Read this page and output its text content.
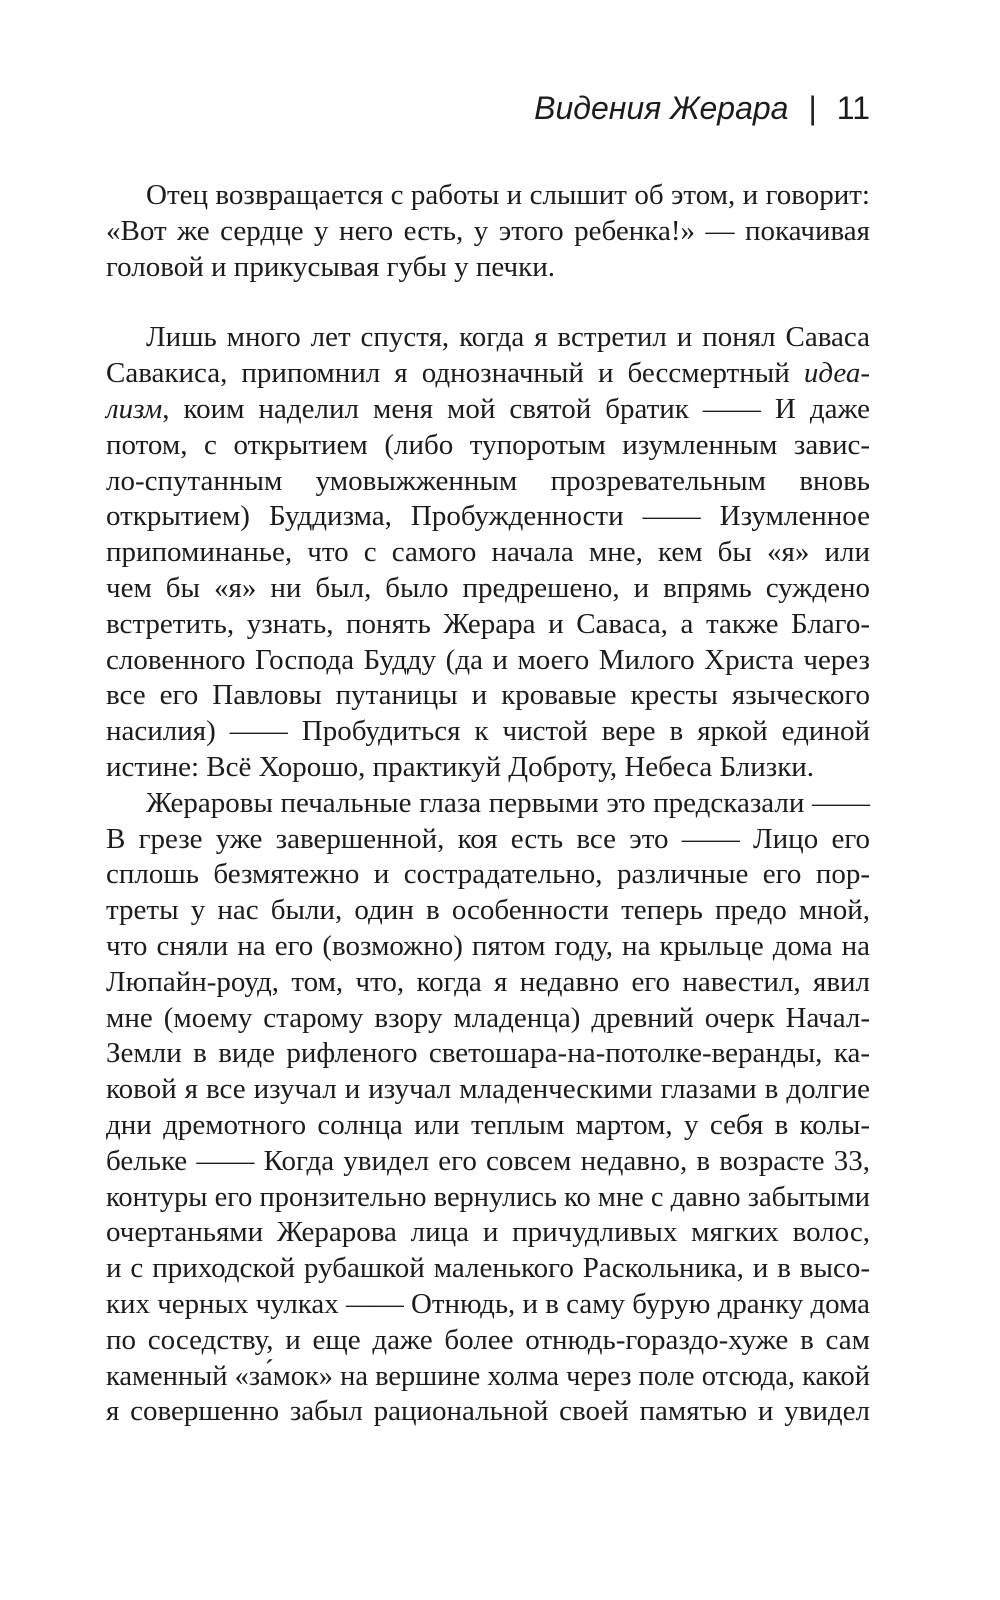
Видения Жерара | 11
Отец возвращается с работы и слышит об этом, и говорит:
«Вот же сердце у него есть, у этого ребенка!» — покачивая
головой и прикусывая губы у печки.
Лишь много лет спустя, когда я встретил и понял Саваса
Савакиса, припомнил я однозначный и бессмертный идеа-
лизм, коим наделил меня мой святой братик —— И даже
потом, с открытием (либо тупоротым изумленным завис-
ло-спутанным умовыжженным прозревательным вновь
открытием) Буддизма, Пробужденности —— Изумленное
припоминанье, что с самого начала мне, кем бы «я» или
чем бы «я» ни был, было предрешено, и впрямь суждено
встретить, узнать, понять Жерара и Саваса, а также Благо-
словенного Господа Будду (да и моего Милого Христа через
все его Павловы путаницы и кровавые кресты языческого
насилия) —— Пробудиться к чистой вере в яркой единой
истине: Всё Хорошо, практикуй Доброту, Небеса Близки.
Жераровы печальные глаза первыми это предсказали ——
В грезе уже завершенной, коя есть все это —— Лицо его
сплошь безмятежно и сострадательно, различные его пор-
треты у нас были, один в особенности теперь предо мной,
что сняли на его (возможно) пятом году, на крыльце дома на
Люпайн-роуд, том, что, когда я недавно его навестил, явил
мне (моему старому взору младенца) древний очерк Начал-
Земли в виде рифленого светошара-на-потолке-веранды, ка-
ковой я все изучал и изучал младенческими глазами в долгие
дни дремотного солнца или теплым мартом, у себя в колы-
бельке —— Когда увидел его совсем недавно, в возрасте 33,
контуры его пронзительно вернулись ко мне с давно забытыми
очертаньями Жерарова лица и причудливых мягких волос,
и с приходской рубашкой маленького Раскольника, и в высо-
ких черных чулках —— Отнюдь, и в саму бурую дранку дома
по соседству, и еще даже более отнюдь-гораздо-хуже в сам
каменный «за́мок» на вершине холма через поле отсюда, какой
я совершенно забыл рациональной своей памятью и увидел
